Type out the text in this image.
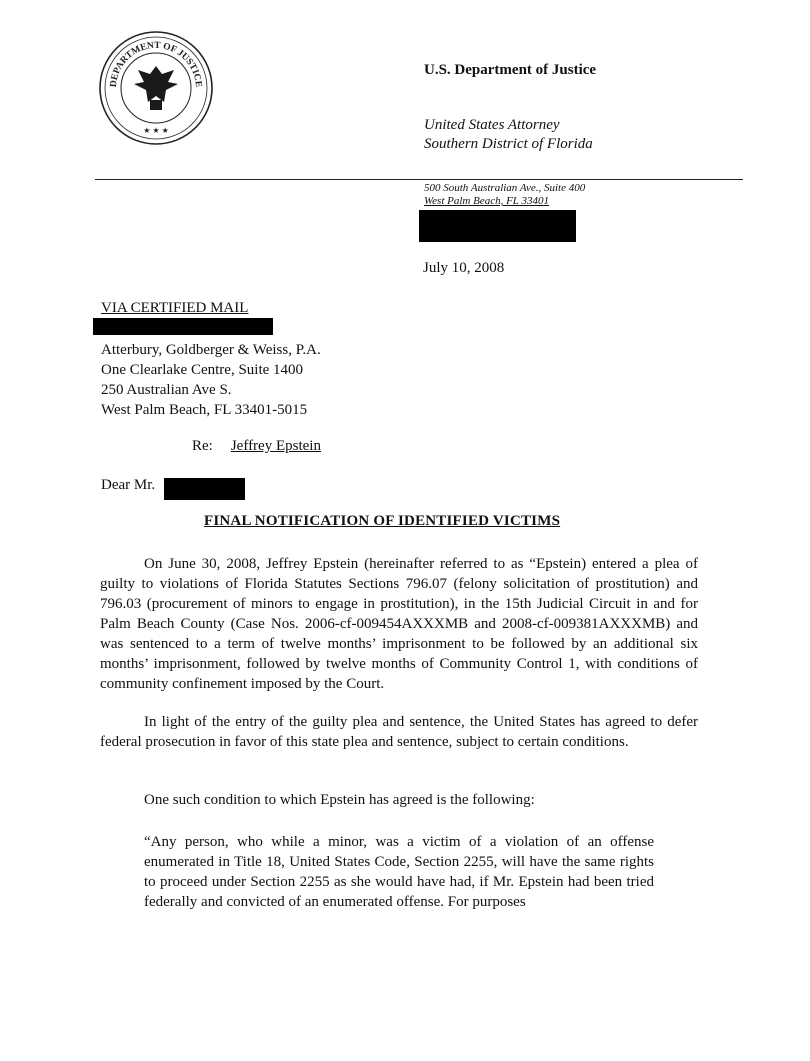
DEPARTMENT OF JUSTICE
★ ★ ★
U.S. Department of Justice
United States Attorney
Southern District of Florida
500 South Australian Ave., Suite 400
West Palm Beach, FL 33401
July 10, 2008
VIA CERTIFIED MAIL
Atterbury, Goldberger & Weiss, P.A.
One Clearlake Centre, Suite 1400
250 Australian Ave S.
West Palm Beach, FL 33401-5015
Re: Jeffrey Epstein
Dear Mr.
FINAL NOTIFICATION OF IDENTIFIED VICTIMS
On June 30, 2008, Jeffrey Epstein (hereinafter referred to as “Epstein) entered a plea of guilty to violations of Florida Statutes Sections 796.07 (felony solicitation of prostitution) and 796.03 (procurement of minors to engage in prostitution), in the 15th Judicial Circuit in and for Palm Beach County (Case Nos. 2006-cf-009454AXXXMB and 2008-cf-009381AXXXMB) and was sentenced to a term of twelve months’ imprisonment to be followed by an additional six months’ imprisonment, followed by twelve months of Community Control 1, with conditions of community confinement imposed by the Court.
In light of the entry of the guilty plea and sentence, the United States has agreed to defer federal prosecution in favor of this state plea and sentence, subject to certain conditions.
One such condition to which Epstein has agreed is the following:
“Any person, who while a minor, was a victim of a violation of an offense enumerated in Title 18, United States Code, Section 2255, will have the same rights to proceed under Section 2255 as she would have had, if Mr. Epstein had been tried federally and convicted of an enumerated offense. For purposes
